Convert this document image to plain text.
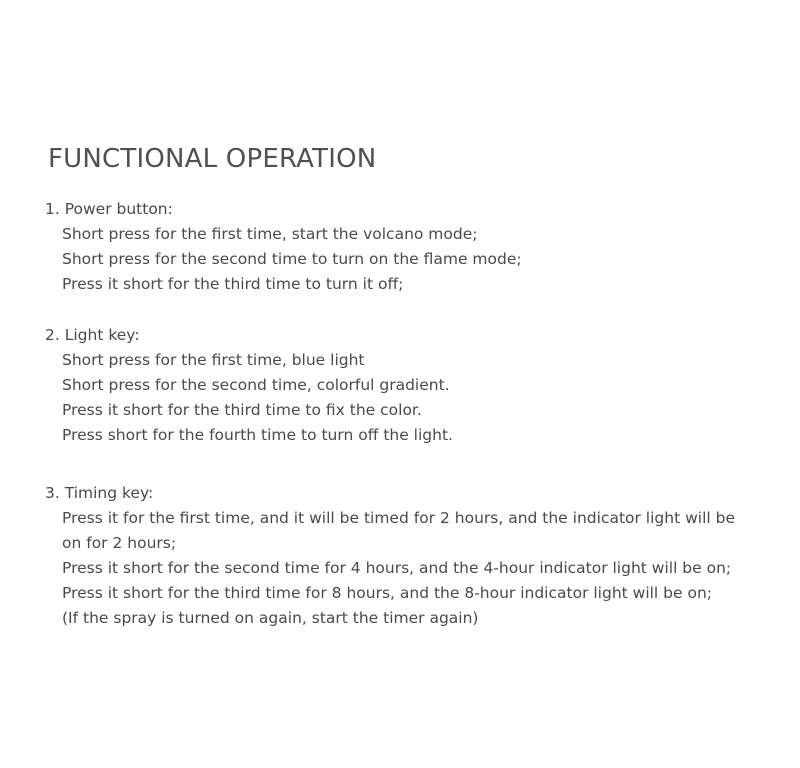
FUNCTIONAL OPERATION

1. Power button:

Short press for the first time, start the volcano mode;

Short press for the second time to turn on the flame mode;

Press it short for the third time to turn it off;

2. Light key:

Short press for the first time, blue light

Short press for the second time, colorful gradient.

Press it short for the third time to fix the color.

Press short for the fourth time to turn off the light.

3. Timing key:

Press it for the first time, and it will be timed for 2 hours, and the indicator light will be

on for 2 hours;

Press it short for the second time for 4 hours, and the 4-hour indicator light will be on;

Press it short for the third time for 8 hours, and the 8-hour indicator light will be on;

(If the spray is turned on again, start the timer again)
